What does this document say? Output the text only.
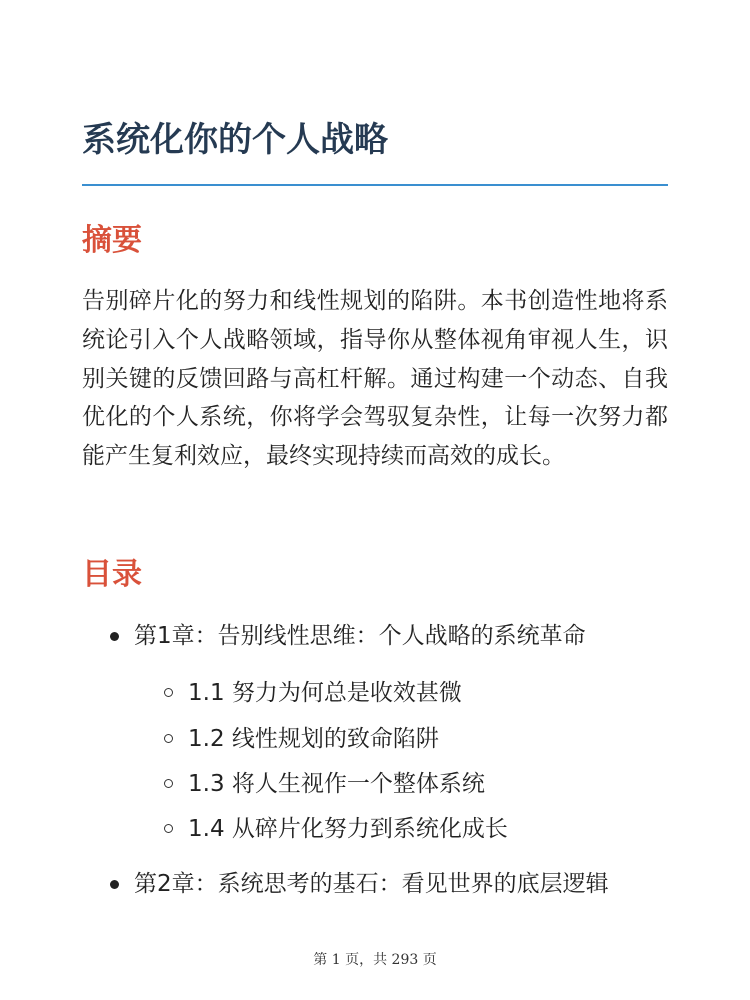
系统化你的个人战略
摘要

告别碎片化的努力和线性规划的陷阱。本书创造性地将系统论引入个人战略领域，指导你从整体视角审视人生，识别关键的反馈回路与高杠杆解。通过构建一个动态、自我优化的个人系统，你将学会驾驭复杂性，让每一次努力都能产生复利效应，最终实现持续而高效的成长。

目录
第1章：告别线性思维：个人战略的系统革命
1.1 努力为何总是收效甚微
1.2 线性规划的致命陷阱
1.3 将人生视作一个整体系统
1.4 从碎片化努力到系统化成长
第2章：系统思考的基石：看见世界的底层逻辑
第 1 页，共 293 页
